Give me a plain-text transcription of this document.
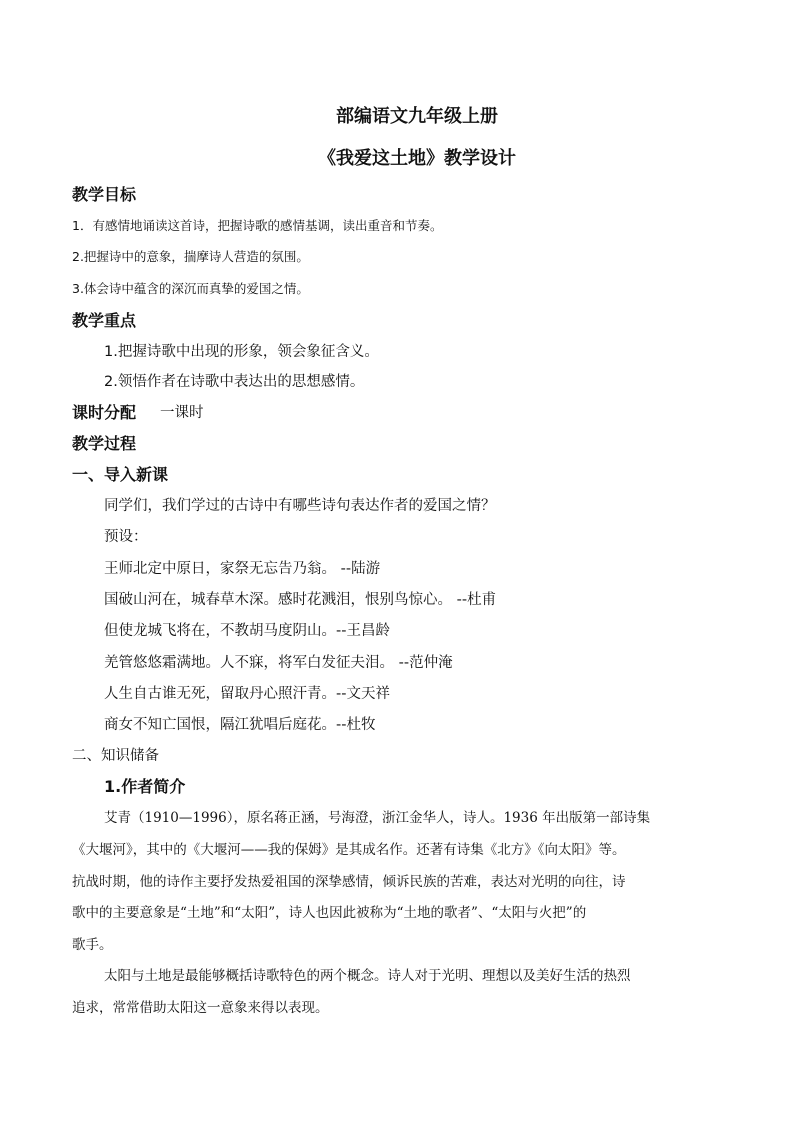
部编语文九年级上册
《我爱这土地》教学设计
教学目标
1．有感情地诵读这首诗，把握诗歌的感情基调，读出重音和节奏。
2.把握诗中的意象，揣摩诗人营造的氛围。
3.体会诗中蕴含的深沉而真挚的爱国之情。
教学重点
1.把握诗歌中出现的形象，领会象征含义。
2.领悟作者在诗歌中表达出的思想感情。
课时分配 一课时
教学过程
一、导入新课
同学们，我们学过的古诗中有哪些诗句表达作者的爱国之情？
预设：
王师北定中原日，家祭无忘告乃翁。 --陆游
国破山河在，城春草木深。感时花溅泪，恨别鸟惊心。 --杜甫
但使龙城飞将在，不教胡马度阴山。--王昌龄
羌管悠悠霜满地。人不寐，将军白发征夫泪。 --范仲淹
人生自古谁无死，留取丹心照汗青。--文天祥
商女不知亡国恨，隔江犹唱后庭花。--杜牧
二、知识储备
1.作者简介
艾青（1910—1996），原名蒋正涵，号海澄，浙江金华人，诗人。1936 年出版第一部诗集
《大堰河》，其中的《大堰河——我的保姆》是其成名作。还著有诗集《北方》《向太阳》等。
抗战时期，他的诗作主要抒发热爱祖国的深挚感情，倾诉民族的苦难，表达对光明的向往，诗
歌中的主要意象是“土地”和“太阳”，诗人也因此被称为“土地的歌者”、“太阳与火把”的
歌手。
太阳与土地是最能够概括诗歌特色的两个概念。诗人对于光明、理想以及美好生活的热烈
追求，常常借助太阳这一意象来得以表现。
